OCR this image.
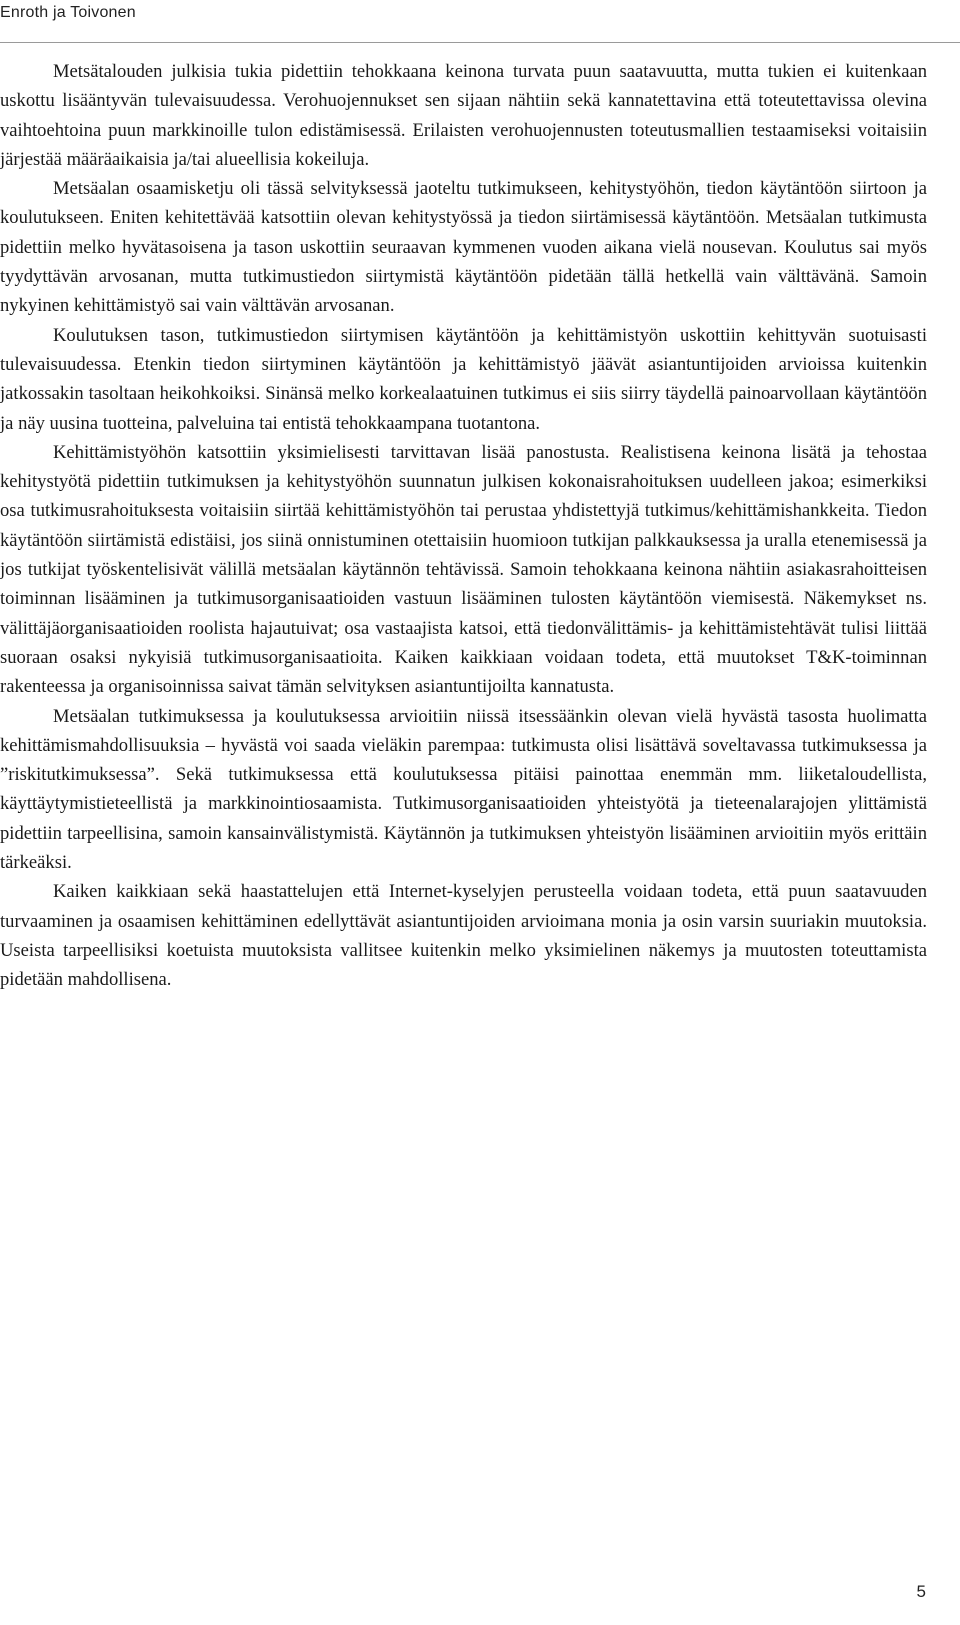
Enroth ja Toivonen

Metsätalouden julkisia tukia pidettiin tehokkaana keinona turvata puun saatavuutta, mutta tukien ei kuitenkaan uskottu lisääntyvän tulevaisuudessa. Verohuojennukset sen sijaan nähtiin sekä kannatettavina että toteutettavissa olevina vaihtoehtoina puun markkinoille tulon edistämisessä. Erilaisten verohuojennusten toteutusmallien testaamiseksi voitaisiin järjestää määräaikaisia ja/tai alueellisia kokeiluja.

Metsäalan osaamisketju oli tässä selvityksessä jaoteltu tutkimukseen, kehitystyöhön, tiedon käytäntöön siirtoon ja koulutukseen. Eniten kehitettävää katsottiin olevan kehitystyössä ja tiedon siirtämisessä käytäntöön. Metsäalan tutkimusta pidettiin melko hyvätasoisena ja tason uskottiin seuraavan kymmenen vuoden aikana vielä nousevan. Koulutus sai myös tyydyttävän arvosanan, mutta tutkimustiedon siirtymistä käytäntöön pidetään tällä hetkellä vain välttävänä. Samoin nykyinen kehittämistyö sai vain välttävän arvosanan.

Koulutuksen tason, tutkimustiedon siirtymisen käytäntöön ja kehittämistyön uskottiin kehittyvän suotuisasti tulevaisuudessa. Etenkin tiedon siirtyminen käytäntöön ja kehittämistyö jäävät asiantuntijoiden arvioissa kuitenkin jatkossakin tasoltaan heikohkoiksi. Sinänsä melko korkealaatuinen tutkimus ei siis siirry täydellä painoarvollaan käytäntöön ja näy uusina tuotteina, palveluina tai entistä tehokkaampana tuotantona.

Kehittämistyöhön katsottiin yksimielisesti tarvittavan lisää panostusta. Realistisena keinona lisätä ja tehostaa kehitystyötä pidettiin tutkimuksen ja kehitystyöhön suunnatun julkisen kokonaisrahoituksen uudelleen jakoa; esimerkiksi osa tutkimusrahoituksesta voitaisiin siirtää kehittämistyöhön tai perustaa yhdistettyjä tutkimus/kehittämishankkeita. Tiedon käytäntöön siirtämistä edistäisi, jos siinä onnistuminen otettaisiin huomioon tutkijan palkkauksessa ja uralla etenemisessä ja jos tutkijat työskentelisivät välillä metsäalan käytännön tehtävissä. Samoin tehokkaana keinona nähtiin asiakasrahoitteisen toiminnan lisääminen ja tutkimusorganisaatioiden vastuun lisääminen tulosten käytäntöön viemisestä. Näkemykset ns. välittäjäorganisaatioiden roolista hajautuivat; osa vastaajista katsoi, että tiedonvälittämis- ja kehittämistehtävät tulisi liittää suoraan osaksi nykyisiä tutkimusorganisaatioita. Kaiken kaikkiaan voidaan todeta, että muutokset T&K-toiminnan rakenteessa ja organisoinnissa saivat tämän selvityksen asiantuntijoilta kannatusta.

Metsäalan tutkimuksessa ja koulutuksessa arvioitiin niissä itsessäänkin olevan vielä hyvästä tasosta huolimatta kehittämismahdollisuuksia – hyvästä voi saada vieläkin parempaa: tutkimusta olisi lisättävä soveltavassa tutkimuksessa ja ”riskitutkimuksessa”. Sekä tutkimuksessa että koulutuksessa pitäisi painottaa enemmän mm. liiketaloudellista, käyttäytymistieteellistä ja markkinointiosaamista. Tutkimusorganisaatioiden yhteistyötä ja tieteenalarajojen ylittämistä pidettiin tarpeellisina, samoin kansainvälistymistä. Käytännön ja tutkimuksen yhteistyön lisääminen arvioitiin myös erittäin tärkeäksi.

Kaiken kaikkiaan sekä haastattelujen että Internet-kyselyjen perusteella voidaan todeta, että puun saatavuuden turvaaminen ja osaamisen kehittäminen edellyttävät asiantuntijoiden arvioimana monia ja osin varsin suuriakin muutoksia. Useista tarpeellisiksi koetuista muutoksista vallitsee kuitenkin melko yksimielinen näkemys ja muutosten toteuttamista pidetään mahdollisena.

5
